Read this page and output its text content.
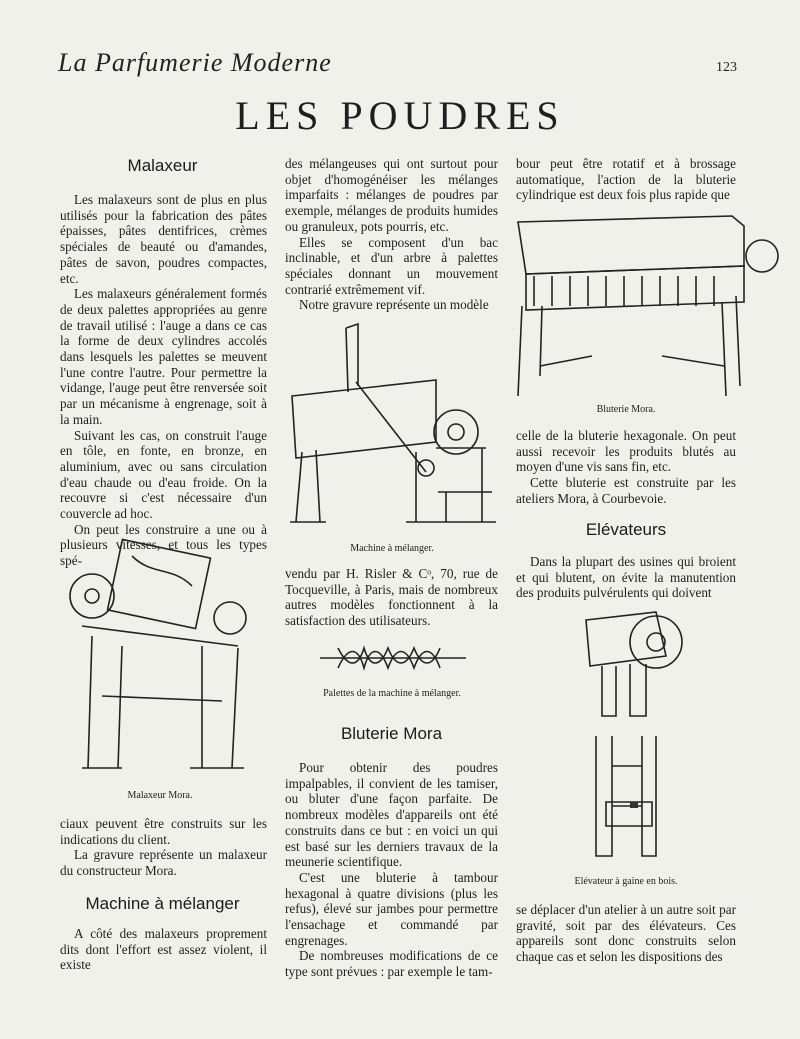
La Parfumerie Moderne	123
LES POUDRES
Malaxeur

Les malaxeurs sont de plus en plus utilisés pour la fabrication des pâtes épaisses, pâtes dentifrices, crèmes spéciales de beauté ou d'amandes, pâtes de savon, poudres compactes, etc.

Les malaxeurs généralement formés de deux palettes appropriées au genre de travail utilisé : l'auge a dans ce cas la forme de deux cylindres accolés dans lesquels les palettes se meuvent l'une contre l'autre. Pour permettre la vidange, l'auge peut être renversée soit par un mécanisme à engrenage, soit à la main.

Suivant les cas, on construit l'auge en tôle, en fonte, en bronze, en aluminium, avec ou sans circulation d'eau chaude ou d'eau froide. On la recouvre si c'est nécessaire d'un couvercle ad hoc.

On peut les construire a une ou à plusieurs vitesses, et tous les types spé-

Malaxeur Mora.

ciaux peuvent être construits sur les indications du client.

La gravure représente un malaxeur du constructeur Mora.

Machine à mélanger

A côté des malaxeurs proprement dits dont l'effort est assez violent, il existe

des mélangeuses qui ont surtout pour objet d'homogénéiser les mélanges imparfaits : mélanges de poudres par exemple, mélanges de produits humides ou granuleux, pots pourris, etc.

Elles se composent d'un bac inclinable, et d'un arbre à palettes spéciales donnant un mouvement contrarié extrêmement vif.

Notre gravure représente un modèle

Machine à mélanger.

vendu par H. Risler & Cᵒ, 70, rue de Tocqueville, à Paris, mais de nombreux autres modèles fonctionnent à la satisfaction des utilisateurs.

Palettes de la machine à mélanger.
Bluterie Mora

Pour obtenir des poudres impalpables, il convient de les tamiser, ou bluter d'une façon parfaite. De nombreux modèles d'appareils ont été construits dans ce but : en voici un qui est basé sur les derniers travaux de la meunerie scientifique.

C'est une bluterie à tambour hexagonal à quatre divisions (plus les refus), élevé sur jambes pour permettre l'ensachage et commandé par engrenages.

De nombreuses modifications de ce type sont prévues : par exemple le tam-

bour peut être rotatif et à brossage automatique, l'action de la bluterie cylindrique est deux fois plus rapide que

Bluterie Mora.

celle de la bluterie hexagonale. On peut aussi recevoir les produits blutés au moyen d'une vis sans fin, etc.

Cette bluterie est construite par les ateliers Mora, à Courbevoie.

Elévateurs

Dans la plupart des usines qui broient et qui blutent, on évite la manutention des produits pulvérulents qui doivent

Elévateur à gaine en bois.

se déplacer d'un atelier à un autre soit par gravité, soit par des élévateurs. Ces appareils sont donc construits selon chaque cas et selon les dispositions des
